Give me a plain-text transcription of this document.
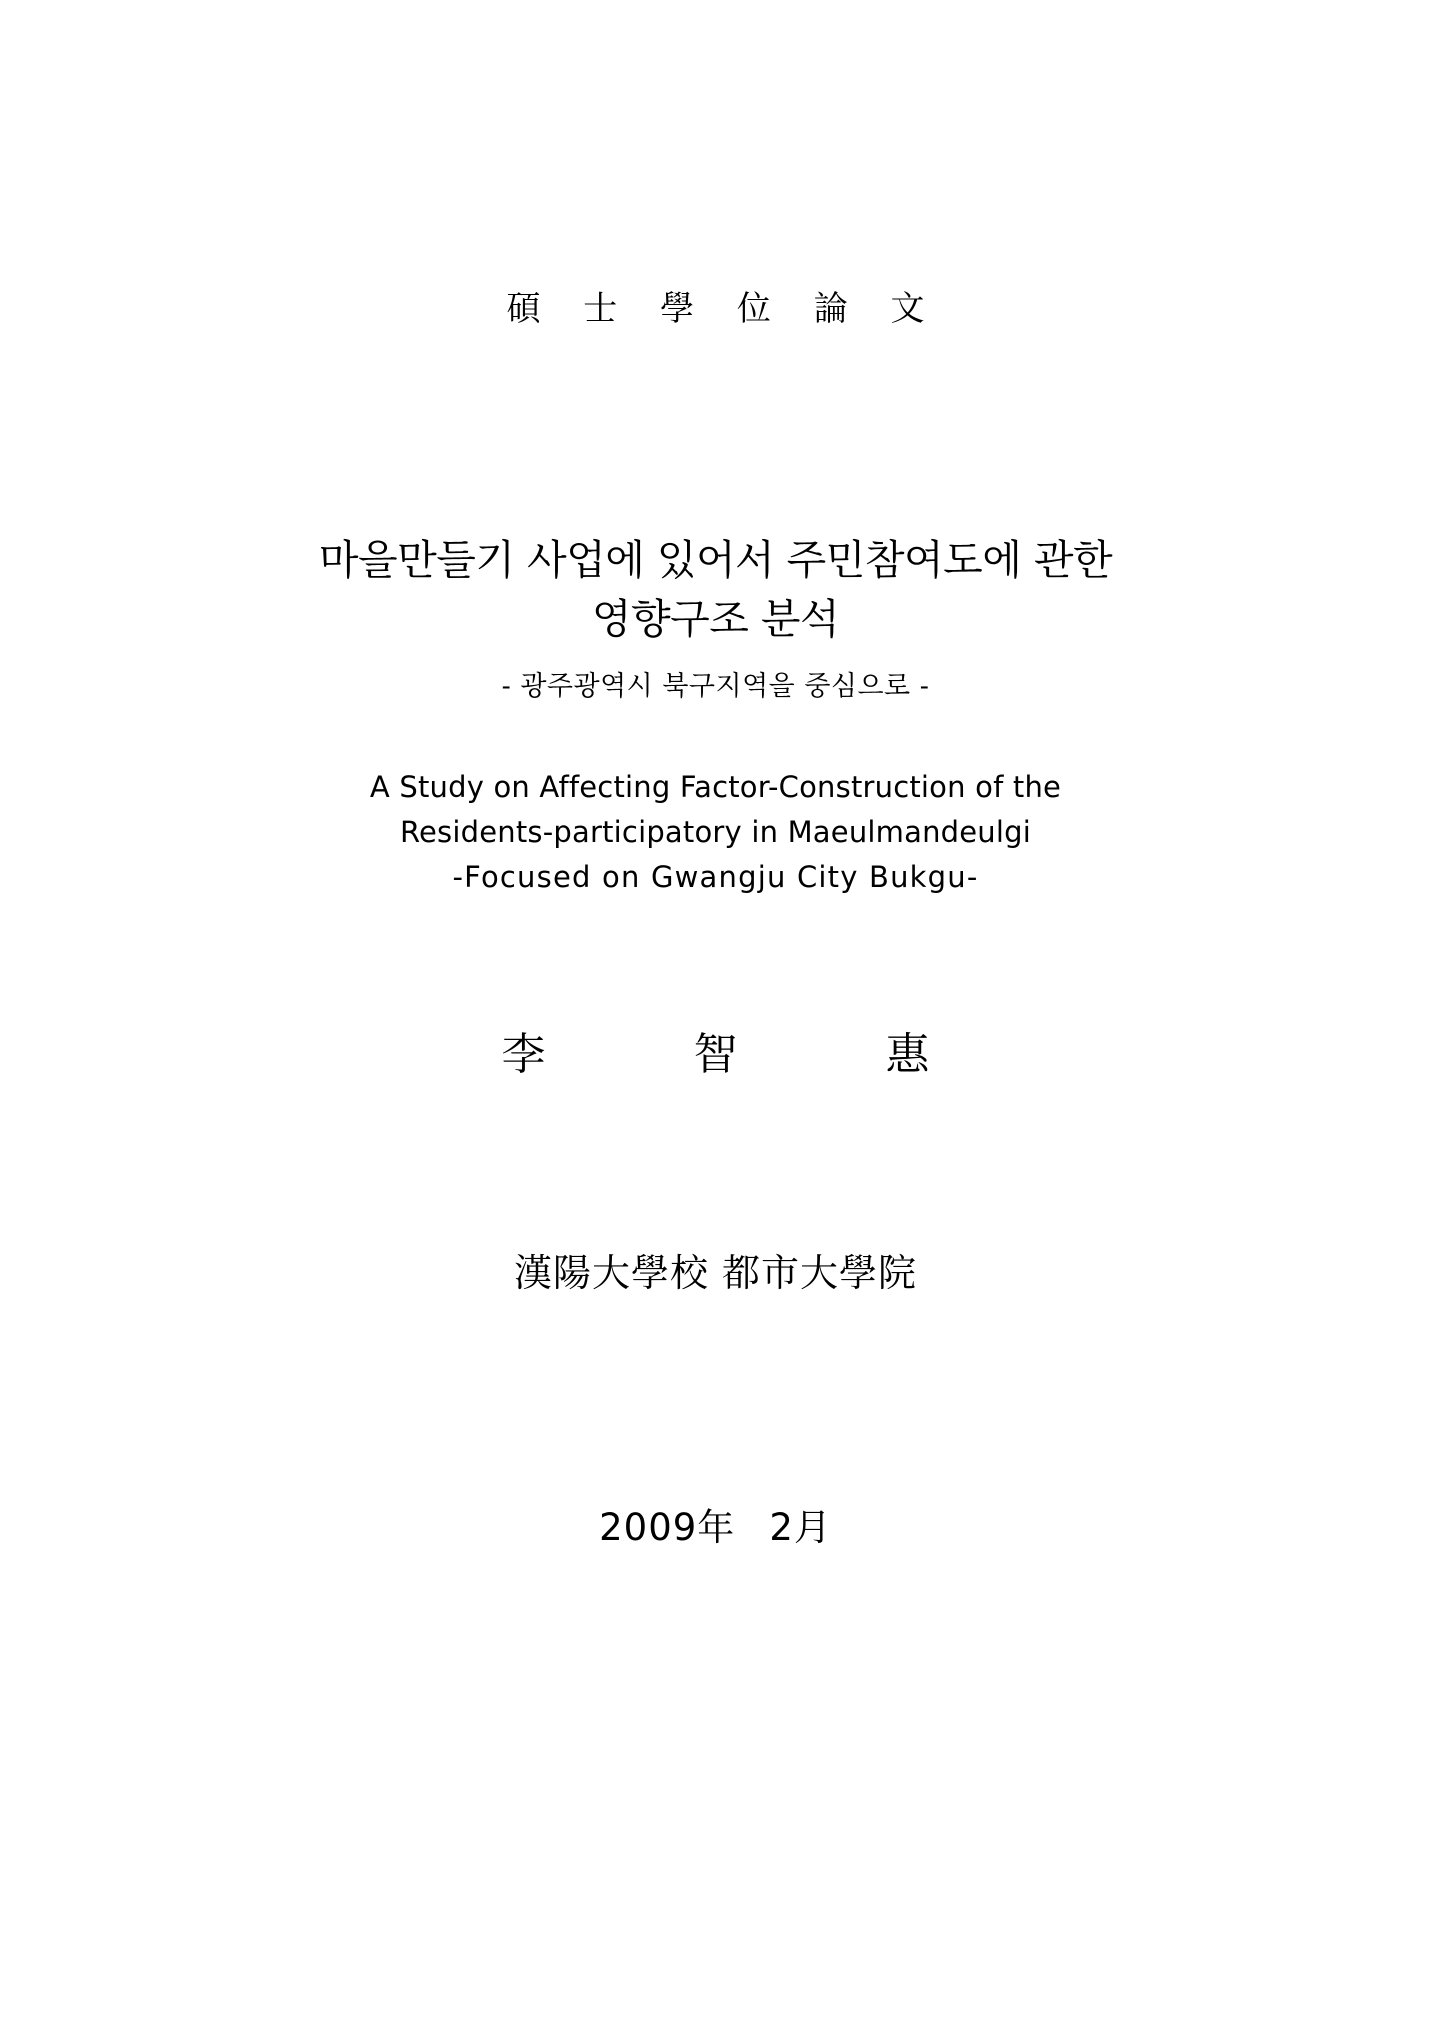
碩 士 學 位 論 文
마을만들기 사업에 있어서 주민참여도에 관한
영향구조 분석
- 광주광역시 북구지역을 중심으로 -
A Study on Affecting Factor-Construction of the
Residents-participatory in Maeulmandeulgi
-Focused on Gwangju City Bukgu-
李　智　惠
漢陽大學校 都市大學院
2009年 2月
